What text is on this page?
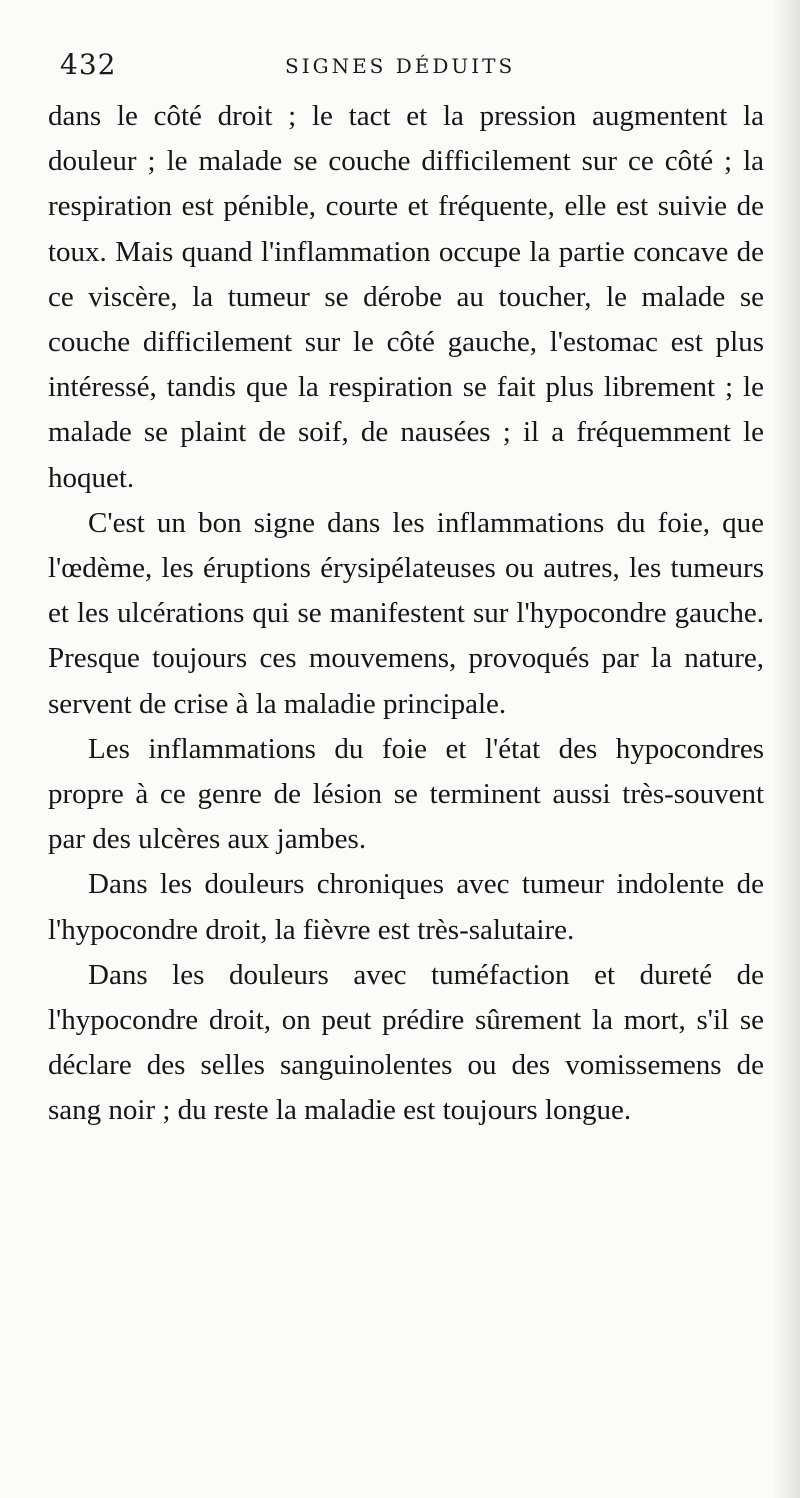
432	SIGNES DÉDUITS

dans le côté droit ; le tact et la pression augmentent la douleur ; le malade se couche difficilement sur ce côté ; la respiration est pénible, courte et fréquente, elle est suivie de toux. Mais quand l'inflammation occupe la partie concave de ce viscère, la tumeur se dérobe au toucher, le malade se couche difficilement sur le côté gauche, l'estomac est plus intéressé, tandis que la respiration se fait plus librement ; le malade se plaint de soif, de nausées ; il a fréquemment le hoquet.

C'est un bon signe dans les inflammations du foie, que l'œdème, les éruptions érysipélateuses ou autres, les tumeurs et les ulcérations qui se manifestent sur l'hypocondre gauche. Presque toujours ces mouvemens, provoqués par la nature, servent de crise à la maladie principale.

Les inflammations du foie et l'état des hypocondres propre à ce genre de lésion se terminent aussi très-souvent par des ulcères aux jambes.

Dans les douleurs chroniques avec tumeur indolente de l'hypocondre droit, la fièvre est très-salutaire.

Dans les douleurs avec tuméfaction et dureté de l'hypocondre droit, on peut prédire sûrement la mort, s'il se déclare des selles sanguinolentes ou des vomissemens de sang noir ; du reste la maladie est toujours longue.
